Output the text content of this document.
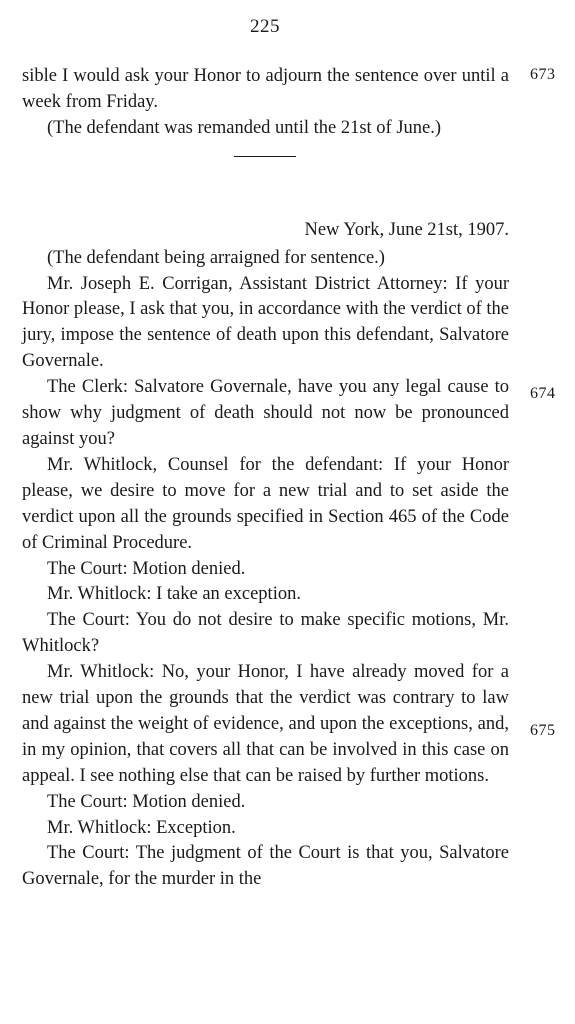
225
673
674
675

sible I would ask your Honor to adjourn the sentence over until a week from Friday.

(The defendant was remanded until the 21st of June.)

New York, June 21st, 1907.

(The defendant being arraigned for sentence.)

Mr. Joseph E. Corrigan, Assistant District Attorney: If your Honor please, I ask that you, in accordance with the verdict of the jury, impose the sentence of death upon this defendant, Salvatore Governale.

The Clerk: Salvatore Governale, have you any legal cause to show why judgment of death should not now be pronounced against you?

Mr. Whitlock, Counsel for the defendant: If your Honor please, we desire to move for a new trial and to set aside the verdict upon all the grounds specified in Section 465 of the Code of Criminal Procedure.

The Court: Motion denied.

Mr. Whitlock: I take an exception.

The Court: You do not desire to make specific motions, Mr. Whitlock?

Mr. Whitlock: No, your Honor, I have already moved for a new trial upon the grounds that the verdict was contrary to law and against the weight of evidence, and upon the exceptions, and, in my opinion, that covers all that can be involved in this case on appeal. I see nothing else that can be raised by further motions.

The Court: Motion denied.

Mr. Whitlock: Exception.

The Court: The judgment of the Court is that you, Salvatore Governale, for the murder in the
